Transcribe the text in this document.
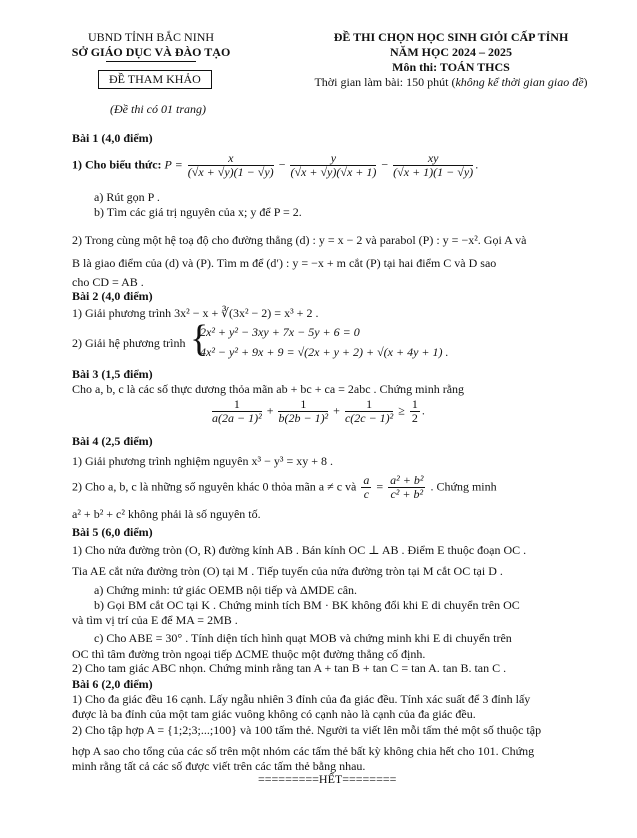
UBND TỈNH BẮC NINH
SỞ GIÁO DỤC VÀ ĐÀO TẠO
ĐỀ THAM KHẢO
(Đề thi có 01 trang)
ĐỀ THI CHỌN HỌC SINH GIỎI CẤP TỈNH
NĂM HỌC 2024 – 2025
Môn thi: TOÁN THCS
Thời gian làm bài: 150 phút (không kể thời gian giao đề)
Bài 1 (4,0 điểm)
1) Cho biểu thức: $P = \frac{x}{(√x + √y)(1 - √y)} - \frac{y}{(√x + √y)(√x + 1)} - \frac{xy}{(√x + 1)(1 - √y)}$ .
a) Rút gọn P .
b) Tìm các giá trị nguyên của x; y để P = 2.
2) Trong cùng một hệ toạ độ cho đường thẳng (d) : y = x − 2 và parabol (P) : y = −x². Gọi A và
B là giao điểm của (d) và (P). Tìm m để (d′) : y = −x + m cắt (P) tại hai điểm C và D sao
cho CD = AB .
Bài 2 (4,0 điểm)
1) Giải phương trình 3x² − x + ∛(3x² − 2) = x³ + 2 .
2) Giải hệ phương trình {
2x² + y² − 3xy + 7x − 5y + 6 = 0
4x² − y² + 9x + 9 = √(2x + y + 2) + √(x + 4y + 1) .
Bài 3 (1,5 điểm)
Cho a, b, c là các số thực dương thỏa mãn ab + bc + ca = 2abc . Chứng minh rằng
$\frac{1}{\text{a(2a − 1)²}} + \frac{1}{\text{b(2b − 1)²}} + \frac{1}{\text{c(2c − 1)²}} \ge \frac{1}{2}$ .
Bài 4 (2,5 điểm)
1) Giải phương trình nghiệm nguyên x³ − y³ = xy + 8 .
2) Cho a, b, c là những số nguyên khác 0 thỏa mãn a ≠ c và $\frac{a}{c} = \frac{\text{a² + b²}}{\text{c² + b²}}$ . Chứng minh
a² + b² + c² không phải là số nguyên tố.
Bài 5 (6,0 điểm)
1) Cho nửa đường tròn (O, R) đường kính AB . Bán kính OC ⊥ AB . Điểm E thuộc đoạn OC .
Tia AE cắt nửa đường tròn (O) tại M . Tiếp tuyến của nửa đường tròn tại M cắt OC tại D .
a) Chứng minh: tứ giác OEMB nội tiếp và ΔMDE cân.
b) Gọi BM cắt OC tại K . Chứng minh tích BM · BK không đổi khi E di chuyển trên OC
và tìm vị trí của E để MA = 2MB .
c) Cho ABE = 30° . Tính diện tích hình quạt MOB và chứng minh khi E di chuyển trên
OC thì tâm đường tròn ngoại tiếp ΔCME thuộc một đường thẳng cố định.
2) Cho tam giác ABC nhọn. Chứng minh rằng tan A + tan B + tan C = tan A. tan B. tan C .
Bài 6 (2,0 điểm)
1) Cho đa giác đều 16 cạnh. Lấy ngẫu nhiên 3 đỉnh của đa giác đều. Tính xác suất để 3 đỉnh lấy
được là ba đỉnh của một tam giác vuông không có cạnh nào là cạnh của đa giác đều.
2) Cho tập hợp A = {1;2;3;...;100} và 100 tấm thẻ. Người ta viết lên mỗi tấm thẻ một số thuộc tập
hợp A sao cho tổng của các số trên một nhóm các tấm thẻ bất kỳ không chia hết cho 101. Chứng
minh rằng tất cả các số được viết trên các tấm thẻ bằng nhau.
=========HẾT========
